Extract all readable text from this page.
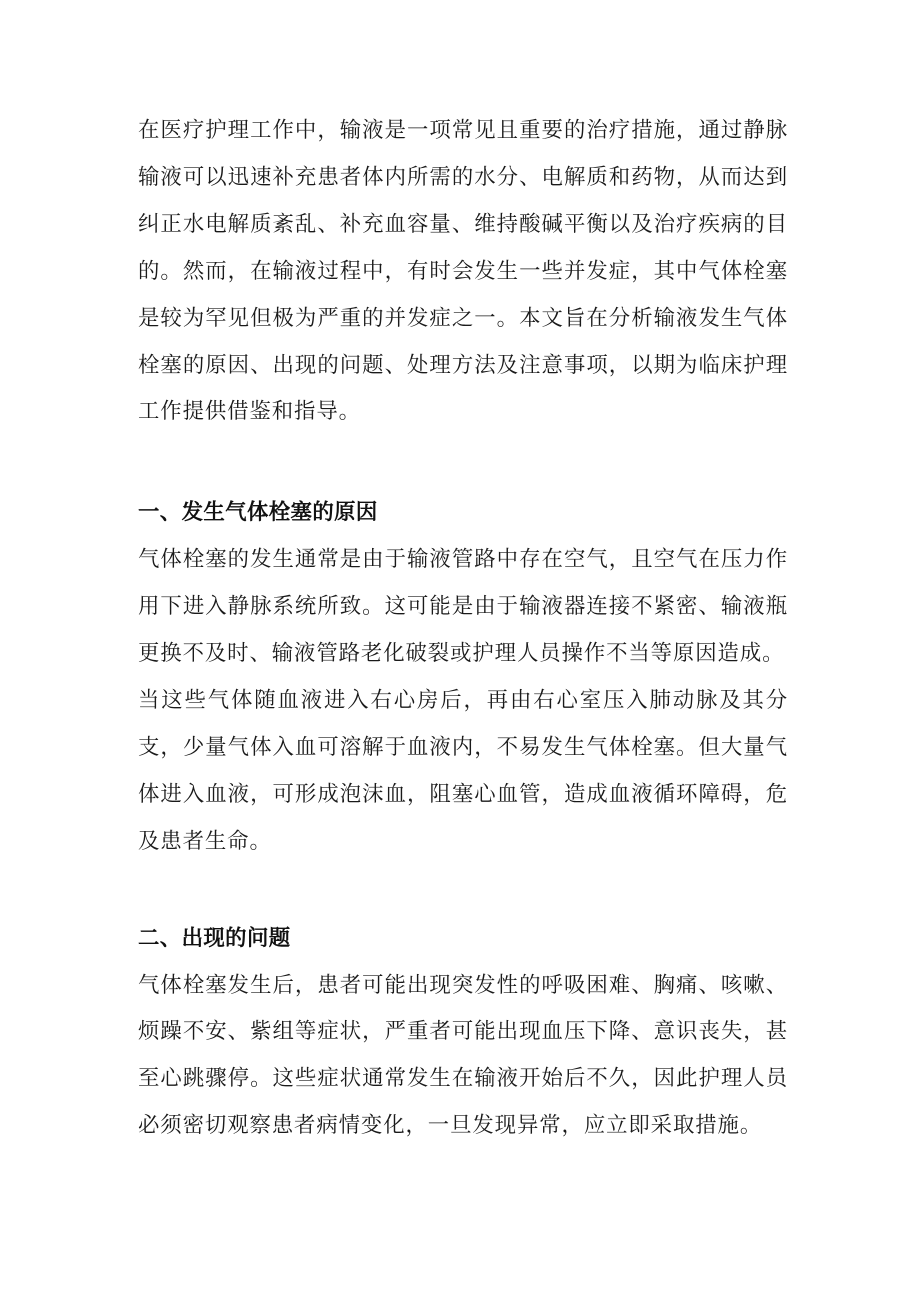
在医疗护理工作中，输液是一项常见且重要的治疗措施，通过静脉输液可以迅速补充患者体内所需的水分、电解质和药物，从而达到纠正水电解质紊乱、补充血容量、维持酸碱平衡以及治疗疾病的目的。然而，在输液过程中，有时会发生一些并发症，其中气体栓塞是较为罕见但极为严重的并发症之一。本文旨在分析输液发生气体栓塞的原因、出现的问题、处理方法及注意事项，以期为临床护理工作提供借鉴和指导。

一、发生气体栓塞的原因

气体栓塞的发生通常是由于输液管路中存在空气，且空气在压力作用下进入静脉系统所致。这可能是由于输液器连接不紧密、输液瓶更换不及时、输液管路老化破裂或护理人员操作不当等原因造成。

当这些气体随血液进入右心房后，再由右心室压入肺动脉及其分支，少量气体入血可溶解于血液内，不易发生气体栓塞。但大量气体进入血液，可形成泡沫血，阻塞心血管，造成血液循环障碍，危及患者生命。

二、出现的问题

气体栓塞发生后，患者可能出现突发性的呼吸困难、胸痛、咳嗽、烦躁不安、紫组等症状，严重者可能出现血压下降、意识丧失，甚至心跳骤停。这些症状通常发生在输液开始后不久，因此护理人员必须密切观察患者病情变化，一旦发现异常，应立即采取措施。
